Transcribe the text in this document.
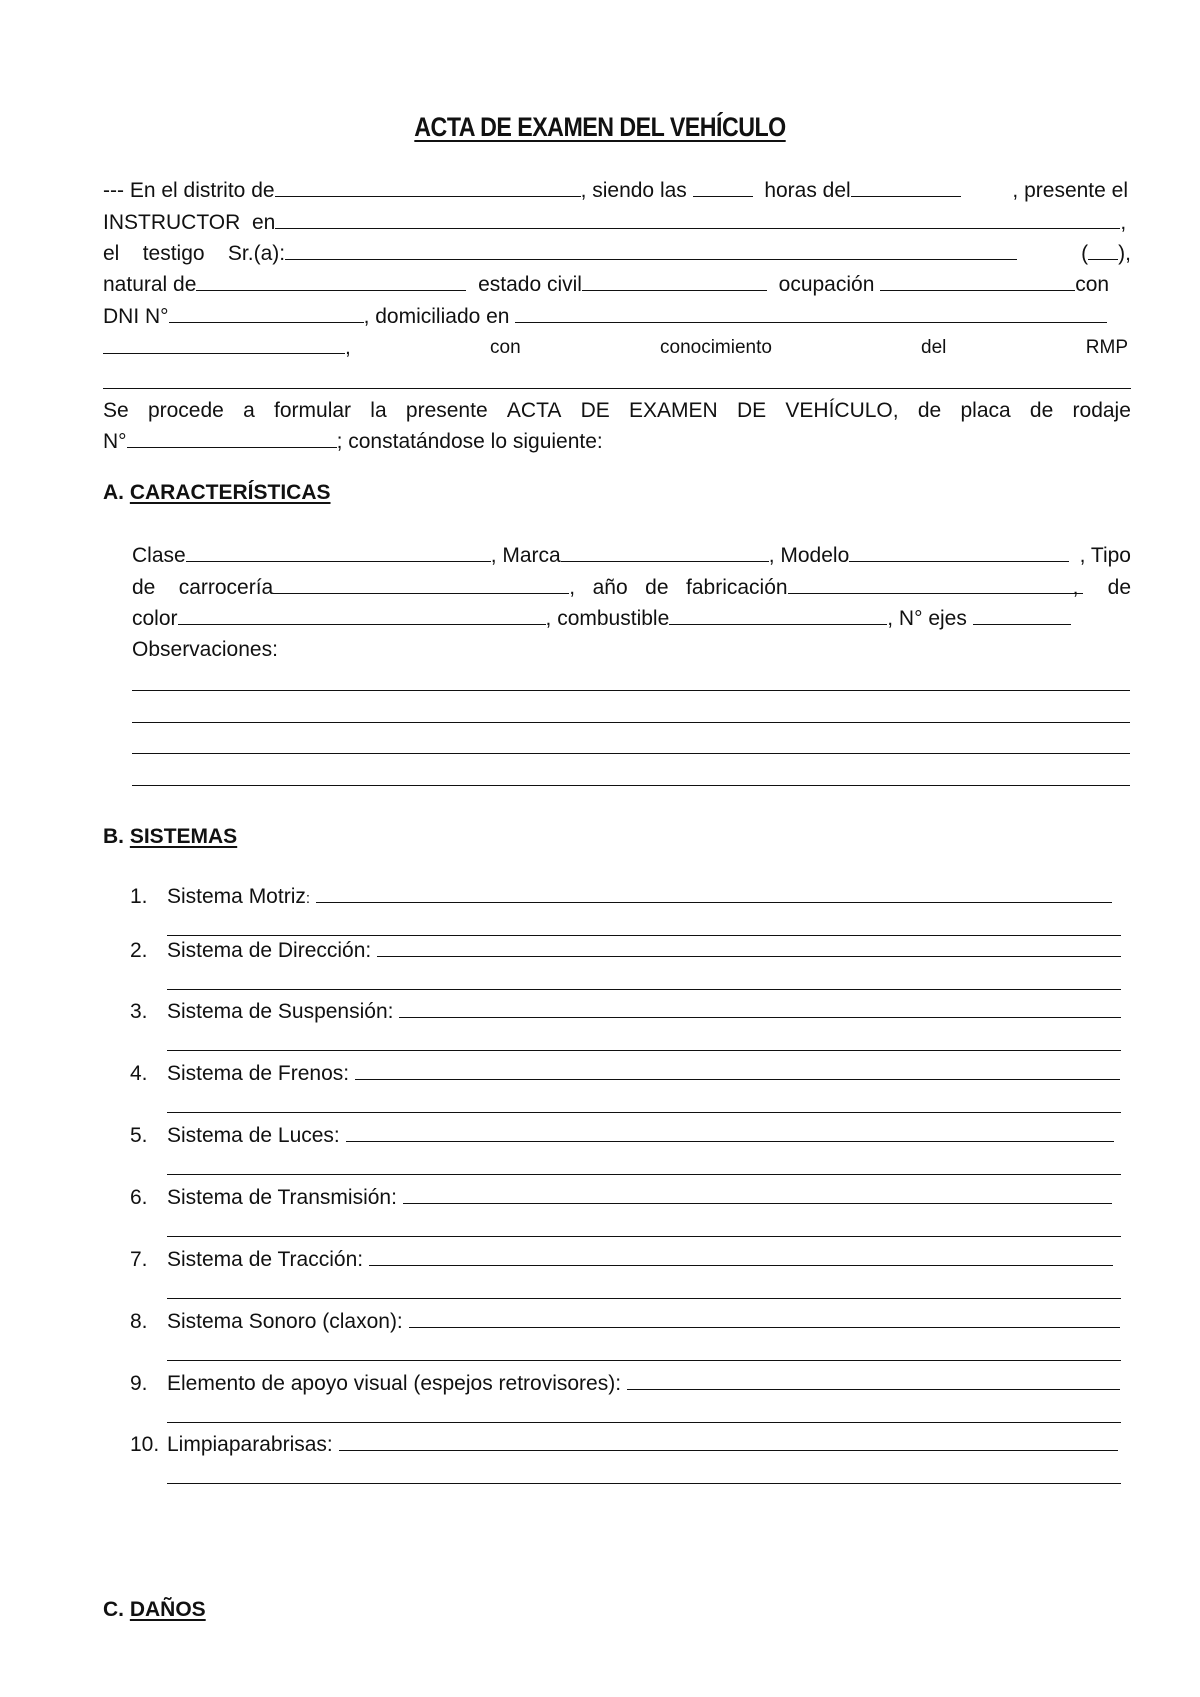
ACTA DE EXAMEN DEL VEHÍCULO
--- En el distrito de	, siendo las	horas del	, presente el
INSTRUCTOR en	,
el testigo Sr.(a):	( ),
natural de	estado civil	ocupación	con
DNI N°	, domiciliado en
,	con	conocimiento	del	RMP
Se procede a formular la presente ACTA DE EXAMEN DE VEHÍCULO, de placa de rodaje
N°	; constatándose lo siguiente:
A. CARACTERÍSTICAS
Clase	, Marca	, Modelo	, Tipo
de carrocería	, año de fabricación	, de
color	, combustible	, N° ejes
Observaciones:
B. SISTEMAS
1. Sistema Motriz :
2. Sistema de Dirección:
3. Sistema de Suspensión:
4. Sistema de Frenos:
5. Sistema de Luces:
6. Sistema de Transmisión:
7. Sistema de Tracción:
8. Sistema Sonoro (claxon):
9. Elemento de apoyo visual (espejos retrovisores):
10. Limpiaparabrisas:
C. DAÑOS
